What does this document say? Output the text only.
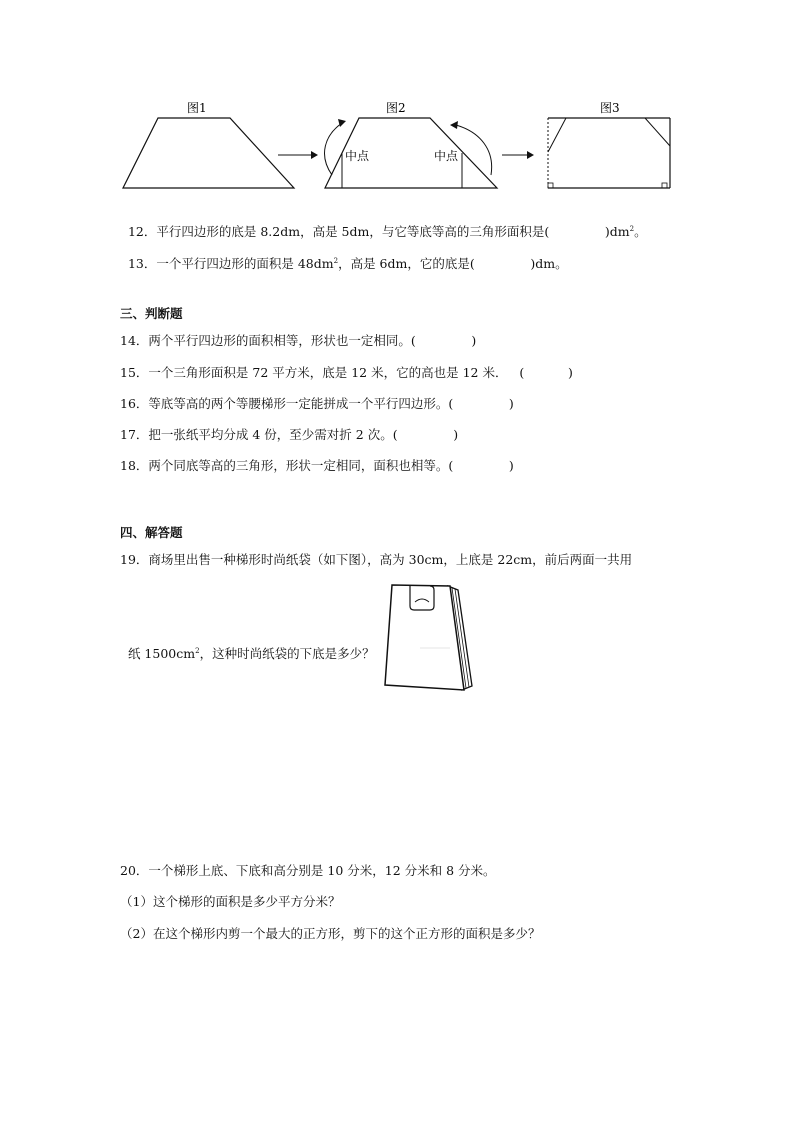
图1	图2
中点	中点
图3

12．平行四边形的底是 8.2dm，高是 5dm，与它等底等高的三角形面积是(              )$dm^2$。

13．一个平行四边形的面积是 $48dm^2$，高是 6dm，它的底是(              )dm。

三、判断题
14．两个平行四边形的面积相等，形状也一定相同。(              )
15．一个三角形面积是 72 平方米，底是 12 米，它的高也是 12 米．   (           )
16．等底等高的两个等腰梯形一定能拼成一个平行四边形。(              )
17．把一张纸平均分成 4 份，至少需对折 2 次。(              )
18．两个同底等高的三角形，形状一定相同，面积也相等。(              )
四、解答题
19．商场里出售一种梯形时尚纸袋（如下图），高为 30cm，上底是 22cm，前后两面一共用

纸 $1500cm^2$，这种时尚纸袋的下底是多少？

20．一个梯形上底、下底和高分别是 10 分米，12 分米和 8 分米。
（1）这个梯形的面积是多少平方分米？
（2）在这个梯形内剪一个最大的正方形，剪下的这个正方形的面积是多少？
